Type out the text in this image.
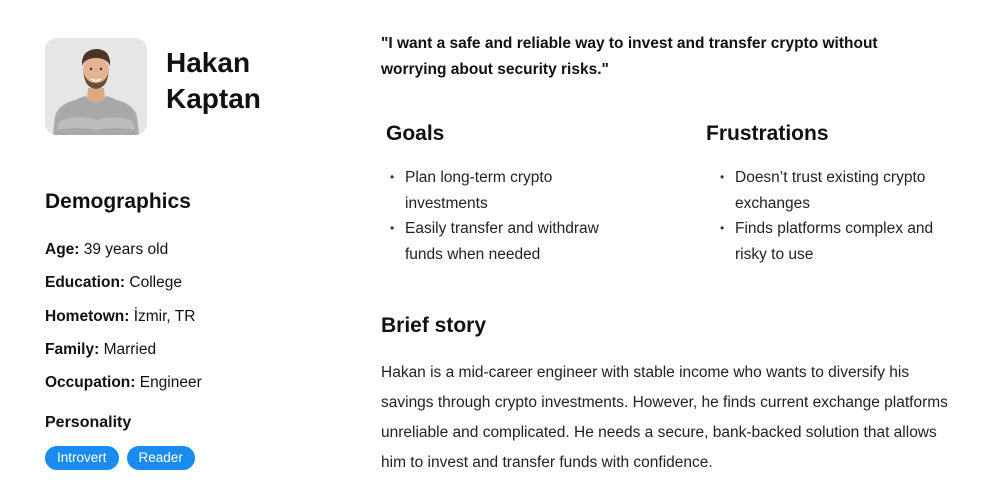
Hakan
Kaptan
Demographics
Age: 39 years old
Education: College
Hometown: İzmir, TR
Family: Married
Occupation: Engineer
Personality
Introvert	Reader
"I want a safe and reliable way to invest and transfer crypto without worrying about security risks."
Goals
• Plan long-term crypto investments
• Easily transfer and withdraw funds when needed
Frustrations
• Doesn’t trust existing crypto exchanges
• Finds platforms complex and risky to use
Brief story
Hakan is a mid-career engineer with stable income who wants to diversify his savings through crypto investments. However, he finds current exchange platforms unreliable and complicated. He needs a secure, bank-backed solution that allows him to invest and transfer funds with confidence.
